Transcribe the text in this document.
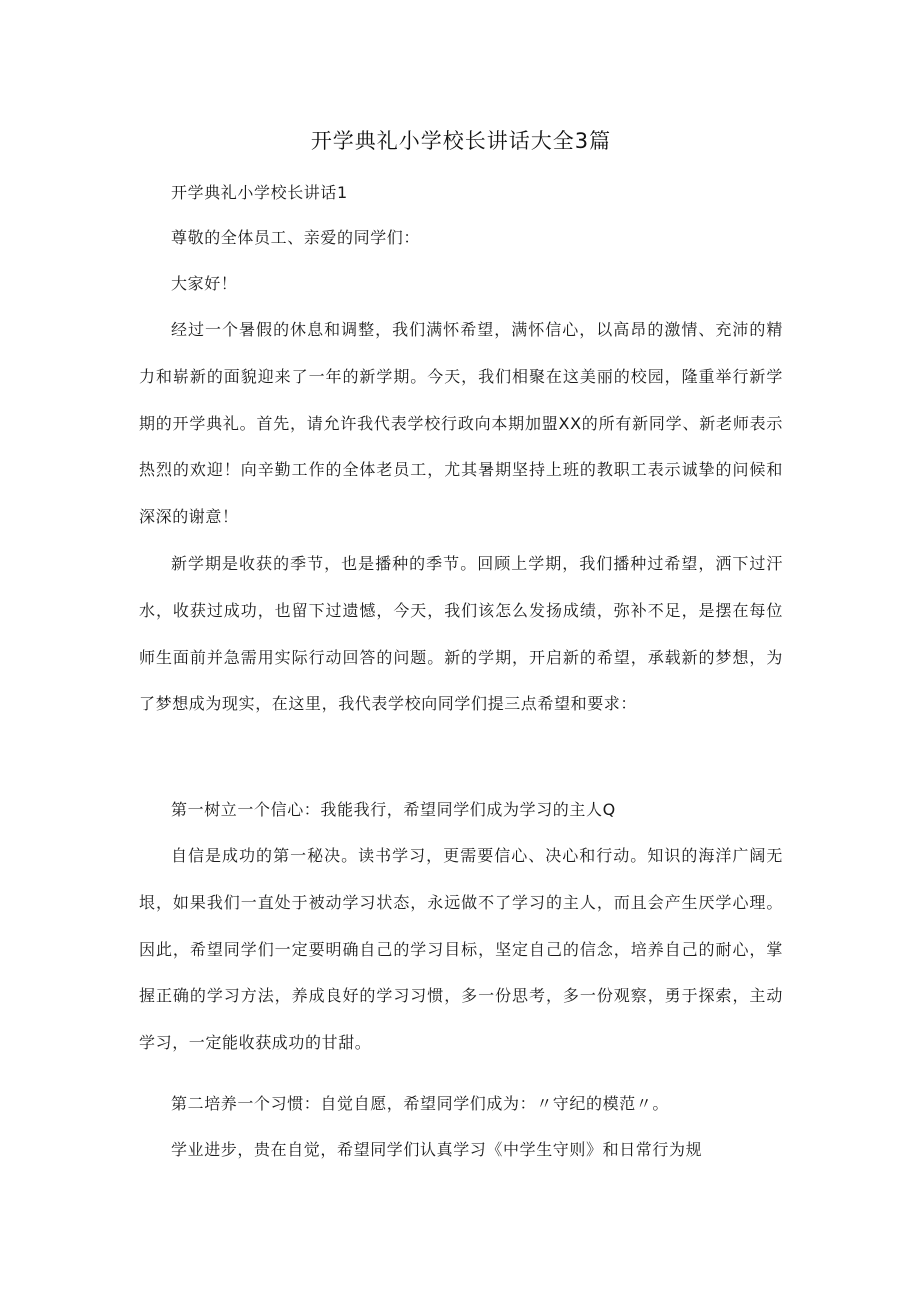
开学典礼小学校长讲话大全3篇

开学典礼小学校长讲话1

尊敬的全体员工、亲爱的同学们：

大家好！

经过一个暑假的休息和调整，我们满怀希望，满怀信心，以高昂的激情、充沛的精力和崭新的面貌迎来了一年的新学期。今天，我们相聚在这美丽的校园，隆重举行新学期的开学典礼。首先，请允许我代表学校行政向本期加盟XX的所有新同学、新老师表示热烈的欢迎！向辛勤工作的全体老员工，尤其暑期坚持上班的教职工表示诚挚的问候和深深的谢意！

新学期是收获的季节，也是播种的季节。回顾上学期，我们播种过希望，洒下过汗水，收获过成功，也留下过遗憾，今天，我们该怎么发扬成绩，弥补不足，是摆在每位师生面前并急需用实际行动回答的问题。新的学期，开启新的希望，承载新的梦想，为了梦想成为现实，在这里，我代表学校向同学们提三点希望和要求：

第一树立一个信心：我能我行，希望同学们成为学习的主人Q

自信是成功的第一秘决。读书学习，更需要信心、决心和行动。知识的海洋广阔无垠，如果我们一直处于被动学习状态，永远做不了学习的主人，而且会产生厌学心理。因此，希望同学们一定要明确自己的学习目标，坚定自己的信念，培养自己的耐心，掌握正确的学习方法，养成良好的学习习惯，多一份思考，多一份观察，勇于探索，主动学习，一定能收获成功的甘甜。

第二培养一个习惯：自觉自愿，希望同学们成为：〃守纪的模范〃。

学业进步，贵在自觉，希望同学们认真学习《中学生守则》和日常行为规
